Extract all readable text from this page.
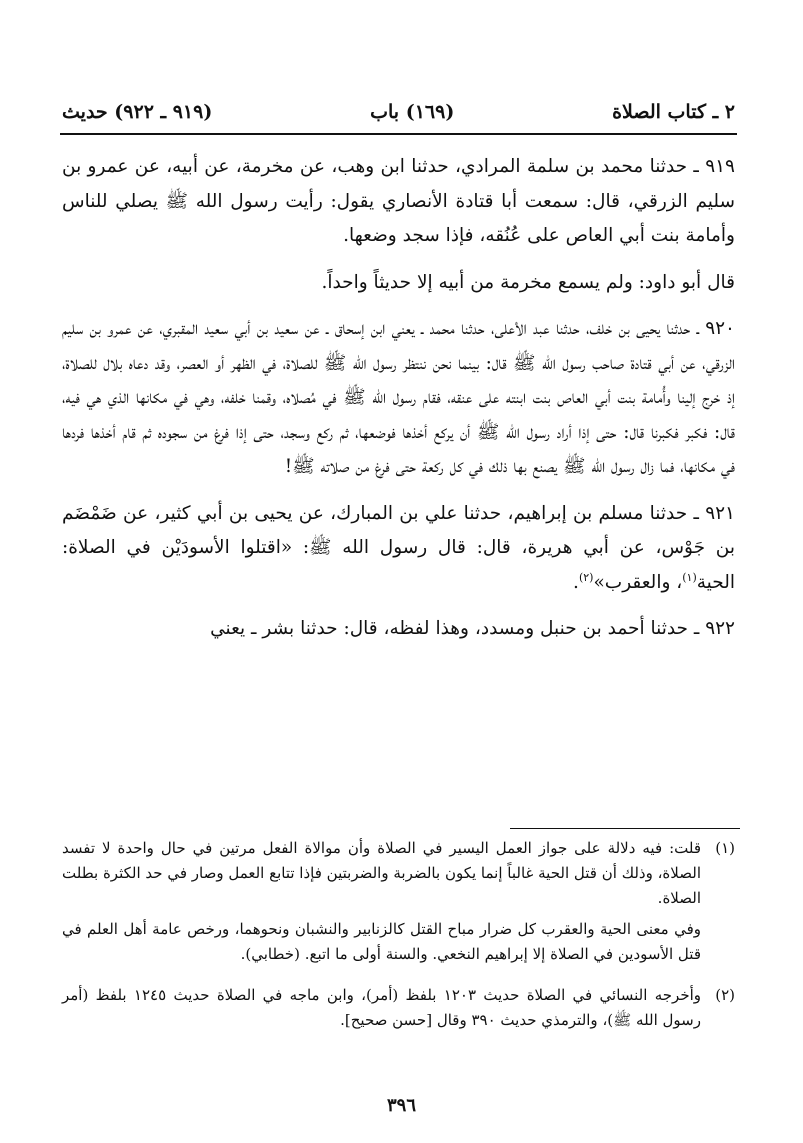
٢ ـ كتاب الصلاة
(١٦٩) باب
(٩١٩ ـ ٩٢٢) حديث

٩١٩ ـ حدثنا محمد بن سلمة المرادي، حدثنا ابن وهب، عن مخرمة، عن أبيه، عن عمرو بن سليم الزرقي، قال: سمعت أبا قتادة الأنصاري يقول: رأيت رسول الله ﷺ يصلي للناس وأمامة بنت أبي العاص على عُنُقه، فإذا سجد وضعها.

قال أبو داود: ولم يسمع مخرمة من أبيه إلا حديثاً واحداً.

٩٢٠ ـ حدثنا يحيى بن خلف، حدثنا عبد الأعلى، حدثنا محمد ـ يعني ابن إسحاق ـ عن سعيد بن أبي سعيد المقبري، عن عمرو بن سليم الزرقي، عن أبي قتادة صاحب رسول الله ﷺ قال: بينما نحن ننتظر رسول الله ﷺ للصلاة، في الظهر أو العصر، وقد دعاه بلال للصلاة، إذ خرج إلينا وأُمامة بنت أبي العاص بنت ابنته على عنقه، فقام رسول الله ﷺ في مُصلاه، وقمنا خلفه، وهي في مكانها الذي هي فيه، قال: فكبر فكبرنا قال: حتى إذا أراد رسول الله ﷺ أن يركع أخذها فوضعها، ثم ركع وسجد، حتى إذا فرغ من سجوده ثم قام أخذها فردها في مكانها، فما زال رسول الله ﷺ يصنع بها ذلك في كل ركعة حتى فرغ من صلاته ﷺ!

٩٢١ ـ حدثنا مسلم بن إبراهيم، حدثنا علي بن المبارك، عن يحيى بن أبي كثير، عن ضَمْضَم بن جَوْس، عن أبي هريرة، قال: قال رسول الله ﷺ: «اقتلوا الأسودَيْن في الصلاة: الحية$^{(١)}$، والعقرب»$^{(٢)}$.

٩٢٢ ـ حدثنا أحمد بن حنبل ومسدد، وهذا لفظه، قال: حدثنا بشر ـ يعني

(١)

قلت: فيه دلالة على جواز العمل اليسير في الصلاة وأن موالاة الفعل مرتين في حال واحدة لا تفسد الصلاة، وذلك أن قتل الحية غالباً إنما يكون بالضربة والضربتين فإذا تتابع العمل وصار في حد الكثرة بطلت الصلاة.

وفي معنى الحية والعقرب كل ضرار مباح القتل كالزنابير والنشبان ونحوهما، ورخص عامة أهل العلم في قتل الأسودين في الصلاة إلا إبراهيم النخعي. والسنة أولى ما اتبع. (خطابي).

(٢)

وأخرجه النسائي في الصلاة حديث ١٢٠٣ بلفظ (أمر)، وابن ماجه في الصلاة حديث ١٢٤٥ بلفظ (أمر رسول الله ﷺ)، والترمذي حديث ٣٩٠ وقال [حسن صحيح].

٣٩٦
